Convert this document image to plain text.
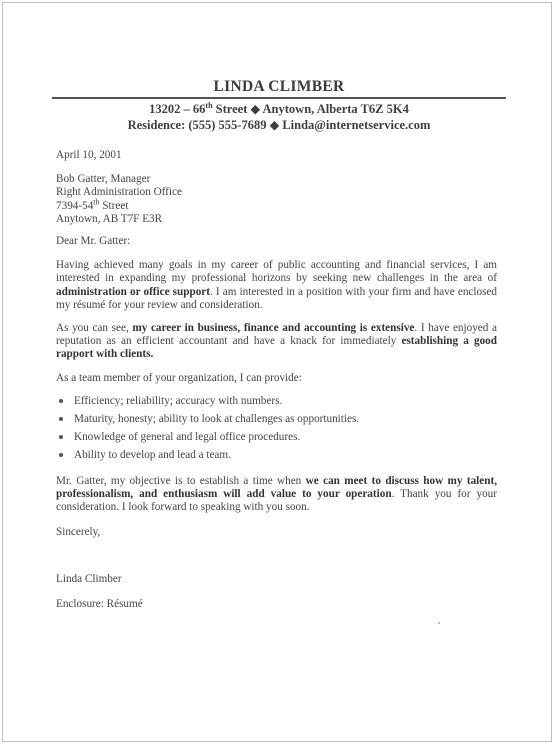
LINDA CLIMBER
13202 – 66th Street ◆ Anytown, Alberta T6Z 5K4
Residence: (555) 555-7689 ◆ Linda@internetservice.com
April 10, 2001
Bob Gatter, Manager
Right Administration Office
7394-54th Street
Anytown, AB T7F E3R
Dear Mr. Gatter:

Having achieved many goals in my career of public accounting and financial services, I am interested in expanding my professional horizons by seeking new challenges in the area of administration or office support. I am interested in a position with your firm and have enclosed my résumé for your review and consideration.

As you can see, my career in business, finance and accounting is extensive. I have enjoyed a reputation as an efficient accountant and have a knack for immediately establishing a good rapport with clients.

As a team member of your organization, I can provide:

Efficiency; reliability; accuracy with numbers.
Maturity, honesty; ability to look at challenges as opportunities.
Knowledge of general and legal office procedures.
Ability to develop and lead a team.

Mr. Gatter, my objective is to establish a time when we can meet to discuss how my talent, professionalism, and enthusiasm will add value to your operation. Thank you for your consideration. I look forward to speaking with you soon.

Sincerely,
Linda Climber
Enclosure: Résumé
